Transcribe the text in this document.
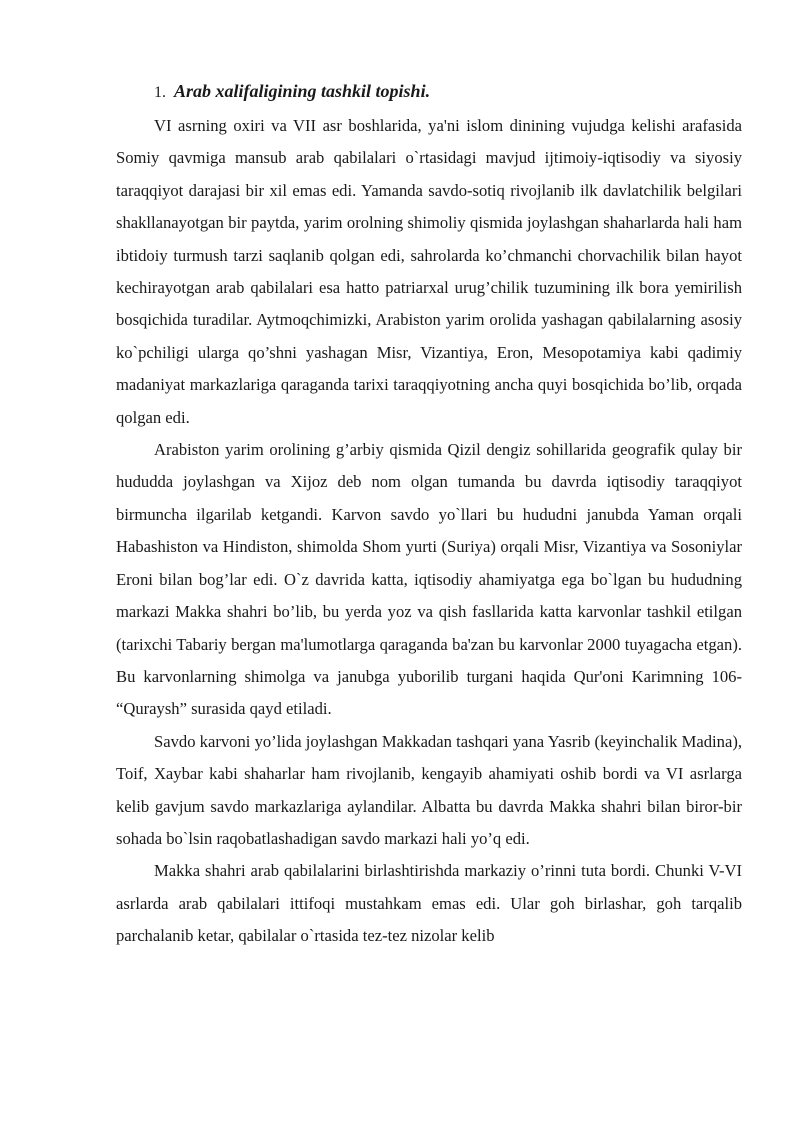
1. Arab xalifaligining tashkil topishi.

VI asrning oxiri va VII asr boshlarida, ya'ni islom dinining vujudga kelishi arafasida Somiy qavmiga mansub arab qabilalari o`rtasidagi mavjud ijtimoiy-iqtisodiy va siyosiy taraqqiyot darajasi bir xil emas edi. Yamanda savdo-sotiq rivojlanib ilk davlatchilik belgilari shakllanayotgan bir paytda, yarim orolning shimoliy qismida joylashgan shaharlarda hali ham ibtidoiy turmush tarzi saqlanib qolgan edi, sahrolarda ko’chmanchi chorvachilik bilan hayot kechirayotgan arab qabilalari esa hatto patriarxal urug’chilik tuzumining ilk bora yemirilish bosqichida turadilar. Aytmoqchimizki, Arabiston yarim orolida yashagan qabilalarning asosiy ko`pchiligi ularga qo’shni yashagan Misr, Vizantiya, Eron, Mesopotamiya kabi qadimiy madaniyat markazlariga qaraganda tarixi taraqqiyotning ancha quyi bosqichida bo’lib, orqada qolgan edi.

Arabiston yarim orolining g’arbiy qismida Qizil dengiz sohillarida geografik qulay bir hududda joylashgan va Xijoz deb nom olgan tumanda bu davrda iqtisodiy taraqqiyot birmuncha ilgarilab ketgandi. Karvon savdo yo`llari bu hududni janubda Yaman orqali Habashiston va Hindiston, shimolda Shom yurti (Suriya) orqali Misr, Vizantiya va Sosoniylar Eroni bilan bog’lar edi. O`z davrida katta, iqtisodiy ahamiyatga ega bo`lgan bu hududning markazi Makka shahri bo’lib, bu yerda yoz va qish fasllarida katta karvonlar tashkil etilgan (tarixchi Tabariy bergan ma'lumotlarga qaraganda ba'zan bu karvonlar 2000 tuyagacha etgan). Bu karvonlarning shimolga va janubga yuborilib turgani haqida Qur'oni Karimning 106- “Quraysh” surasida qayd etiladi.

Savdo karvoni yo’lida joylashgan Makkadan tashqari yana Yasrib (keyinchalik Madina), Toif, Xaybar kabi shaharlar ham rivojlanib, kengayib ahamiyati oshib bordi va VI asrlarga kelib gavjum savdo markazlariga aylandilar. Albatta bu davrda Makka shahri bilan biror-bir sohada bo`lsin raqobatlashadigan savdo markazi hali yo’q edi.

Makka shahri arab qabilalarini birlashtirishda markaziy o’rinni tuta bordi. Chunki V-VI asrlarda arab qabilalari ittifoqi mustahkam emas edi. Ular goh birlashar, goh tarqalib parchalanib ketar, qabilalar o`rtasida tez-tez nizolar kelib
